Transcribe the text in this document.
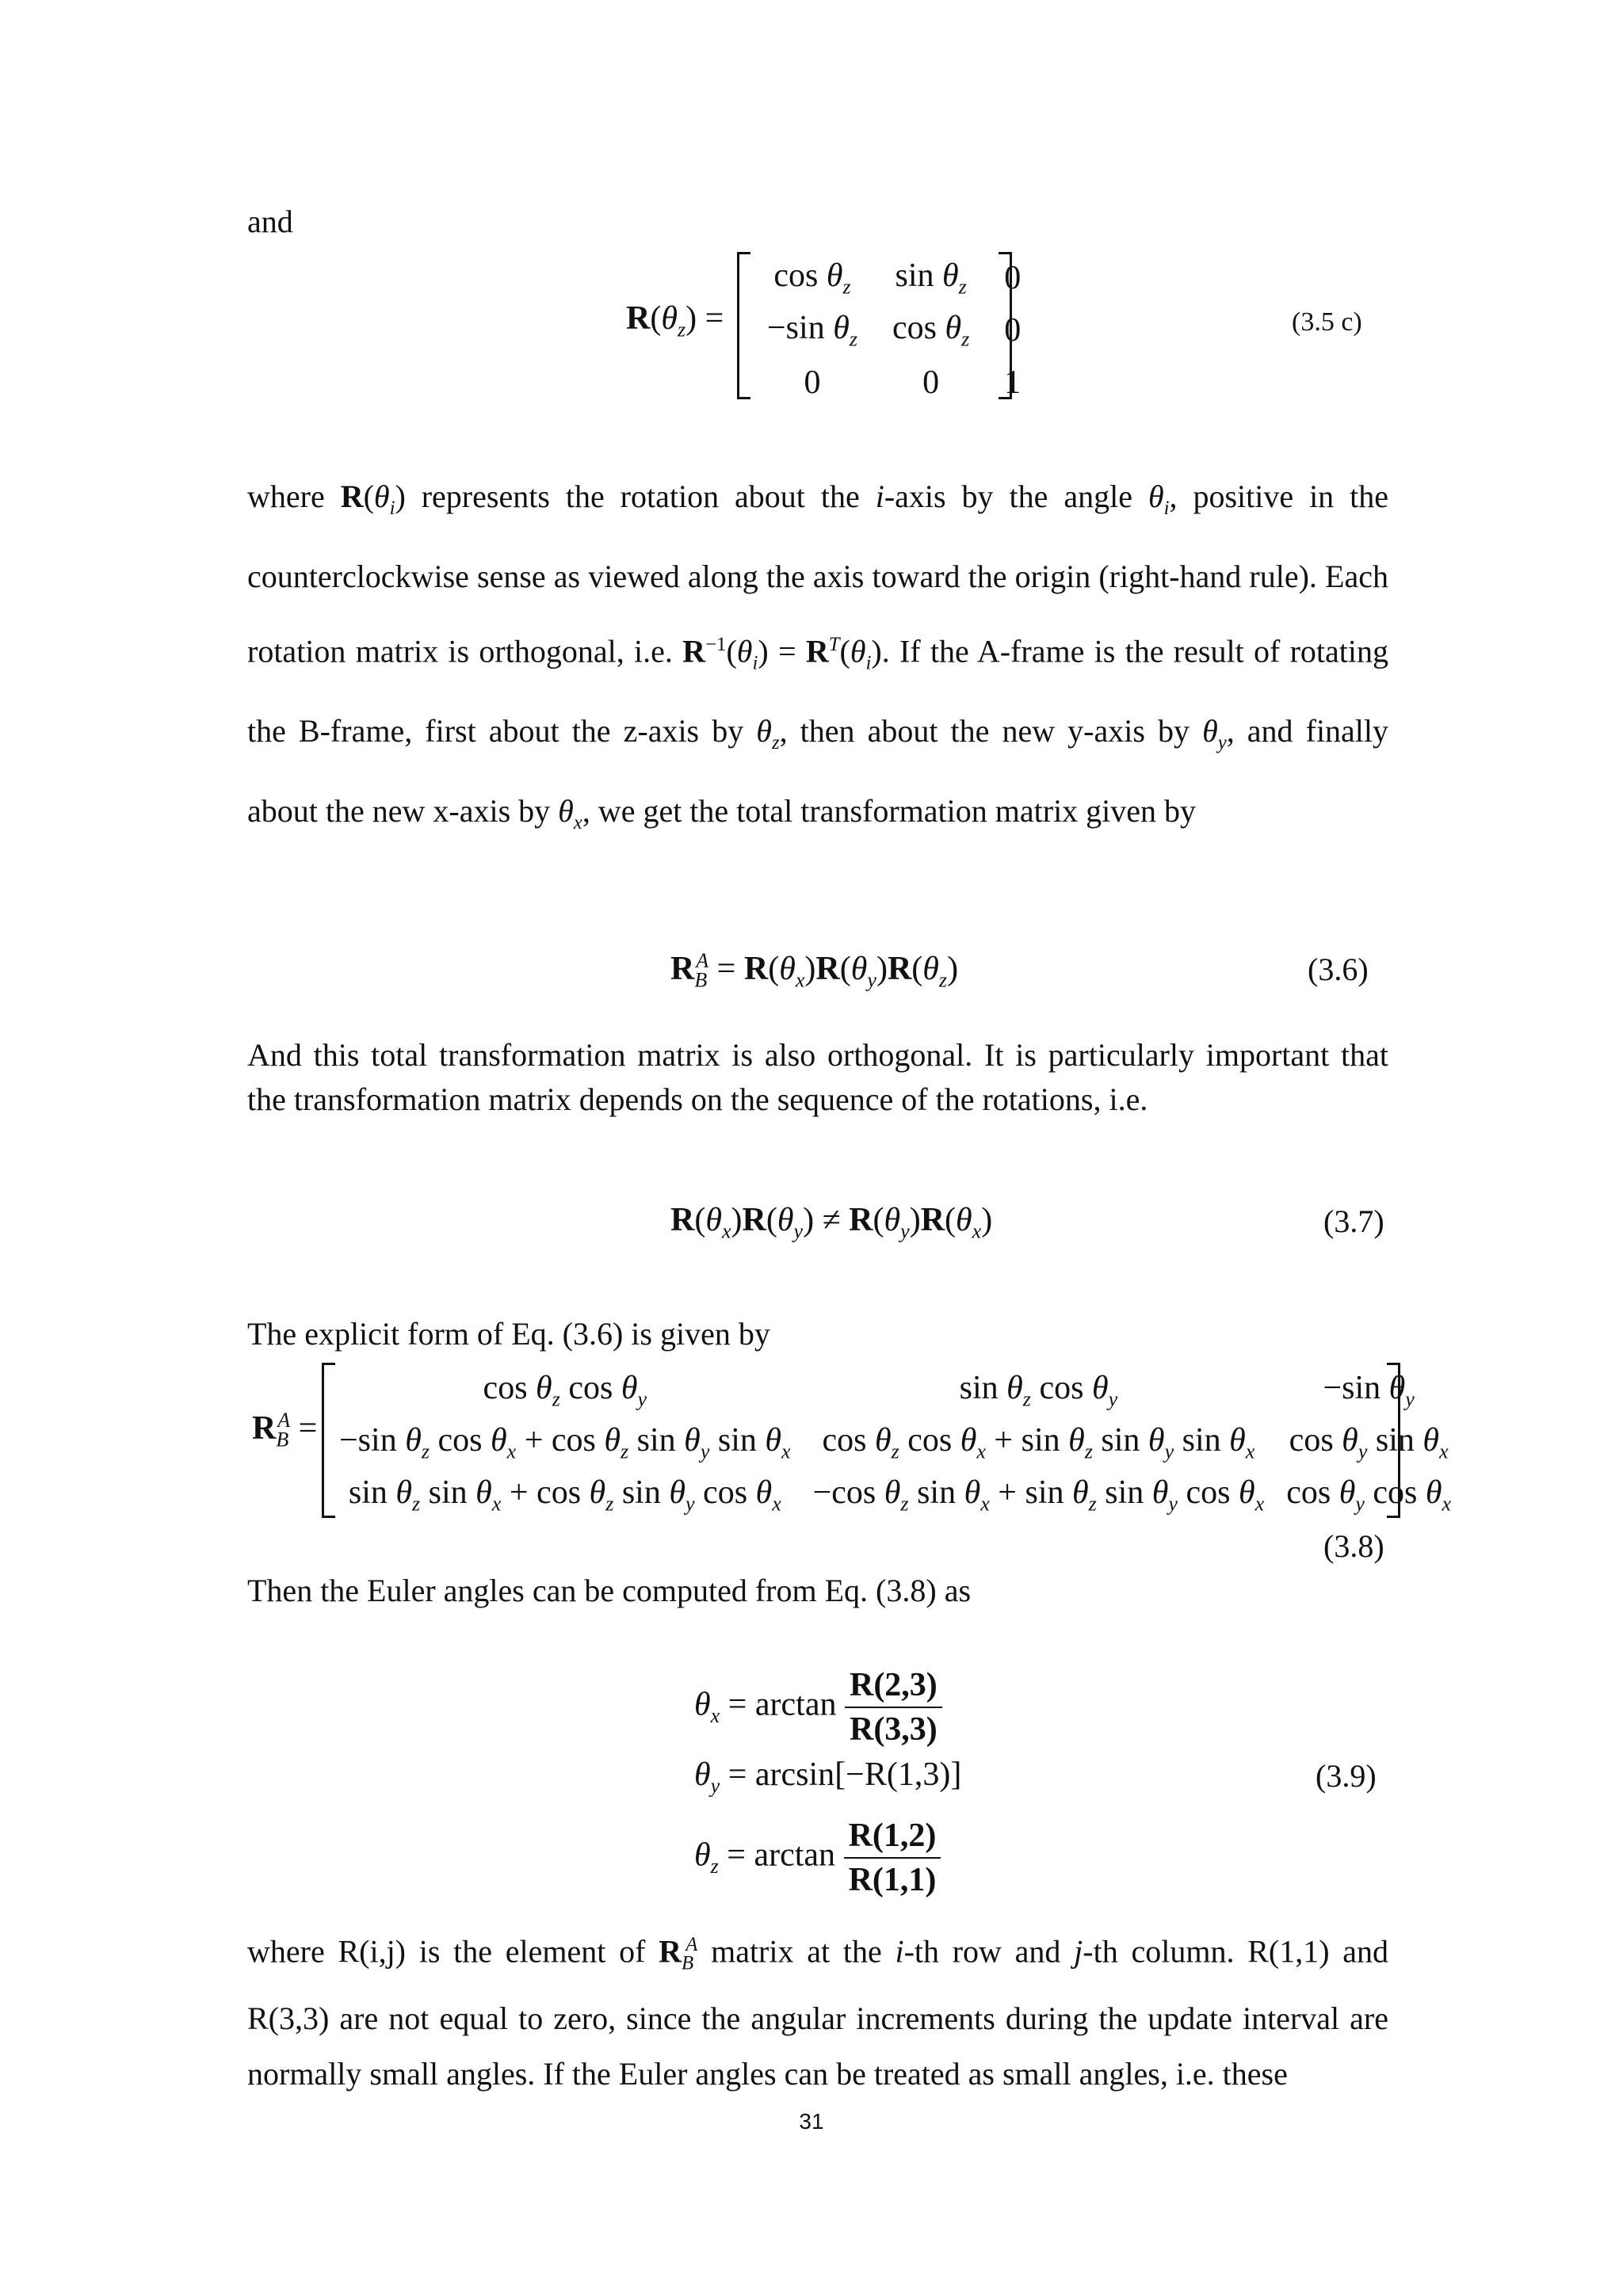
and
$R(\theta_z)$ =
$\cos \theta_z$	$\sin \theta_z$	0
−sin $\theta_z$	$\cos \theta_z$	0
0	0	1
(3.5 c)
where $R(\theta_i)$ represents the rotation about the i-axis by the angle $\theta_i$, positive in the counterclockwise sense as viewed along the axis toward the origin (right-hand rule). Each rotation matrix is orthogonal, i.e. $R^{-1}(\theta_i) = R^T(\theta_i)$. If the A-frame is the result of rotating the B-frame, first about the z-axis by $\theta_z$, then about the new y-axis by $\theta_y$, and finally about the new x-axis by $\theta_x$, we get the total transformation matrix given by
$R_B^A = R(\theta_x)R(\theta_y)R(\theta_z)$	(3.6)
And this total transformation matrix is also orthogonal. It is particularly important that the transformation matrix depends on the sequence of the rotations, i.e.
$R(\theta_x)R(\theta_y) \ne R(\theta_y)R(\theta_x)$	(3.7)
The explicit form of Eq. (3.6) is given by
$R_B^A$ =
$\cos \theta_z$ $\cos \theta_y$	$\sin \theta_z$ $\cos \theta_y$	−sin $\theta_y$
−sin $\theta_z$ $\cos \theta_x + \cos \theta_z$ $\sin \theta_y$ $\sin \theta_x$	$\cos \theta_z$ $\cos \theta_x + \sin \theta_z$ $\sin \theta_y$ $\sin \theta_x$	$\cos \theta_y$ $\sin \theta_x$
$\sin \theta_z$ $\sin \theta_x + \cos \theta_z$ $\sin \theta_y$ $\cos \theta_x$	−cos $\theta_z$ $\sin \theta_x + \sin \theta_z$ $\sin \theta_y$ $\cos \theta_x$	$\cos \theta_y$ $\cos \theta_x$
(3.8)
Then the Euler angles can be computed from Eq. (3.8) as
$\theta_x = \arctan \frac{R(2,3)}{R(3,3)}$
$\theta_y = \arcsin[-R(1,3)]$
$\theta_z = \arctan \frac{R(1,2)}{R(1,1)}$
(3.9)
where R(i,j) is the element of $R_B^A$ matrix at the i-th row and j-th column. R(1,1) and R(3,3) are not equal to zero, since the angular increments during the update interval are normally small angles. If the Euler angles can be treated as small angles, i.e. these
31
